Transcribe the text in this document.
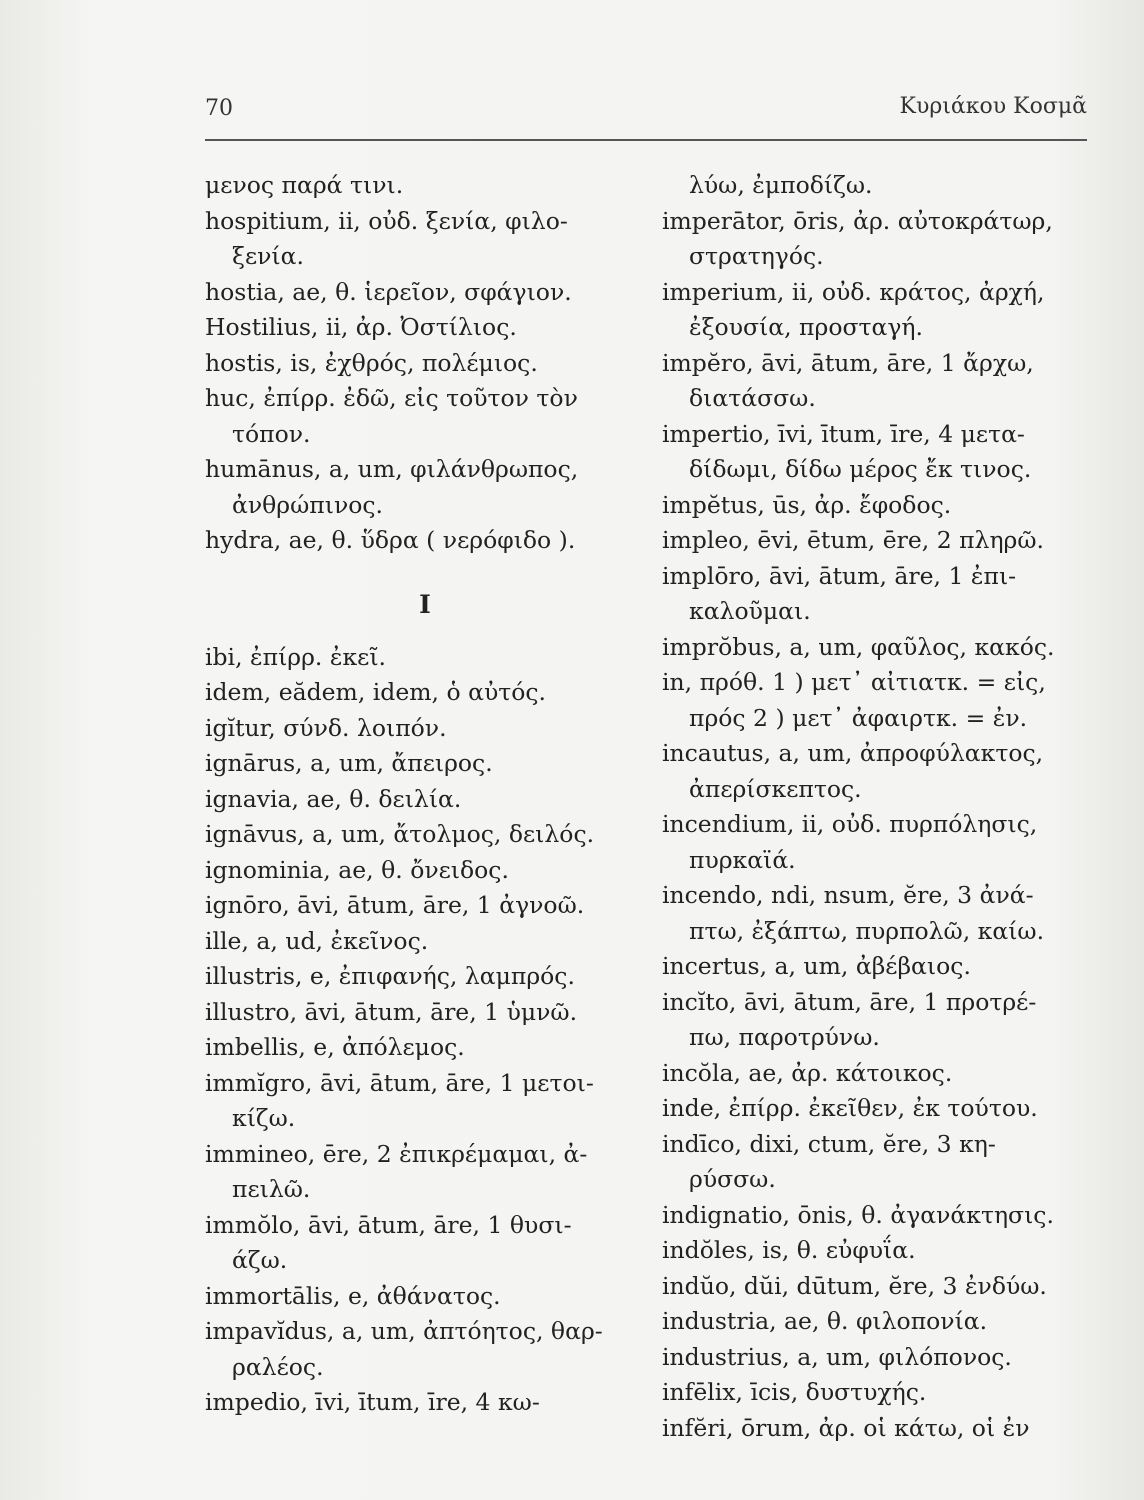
70	Κυριάκου Κοσμᾶ
μενος παρά τινι.
hospitium, ii, οὐδ. ξενία, φιλο-
ξενία.
hostia, ae, θ. ἱερεῖον, σφάγιον.
Hostilius, ii, ἀρ. Ὀστίλιος.
hostis, is, ἐχθρός, πολέμιος.
huc, ἐπίρρ. ἐδῶ, εἰς τοῦτον τὸν
τόπον.
humānus, a, um, φιλάνθρωπος,
ἀνθρώπινος.
hydra, ae, θ. ὕδρα ( νερόφιδο ).
I
ibi, ἐπίρρ. ἐκεῖ.
idem, eădem, idem, ὁ αὐτός.
igĭtur, σύνδ. λοιπόν.
ignārus, a, um, ἄπειρος.
ignavia, ae, θ. δειλία.
ignāvus, a, um, ἄτολμος, δειλός.
ignominia, ae, θ. ὄνειδος.
ignōro, āvi, ātum, āre, 1 ἀγνοῶ.
ille, a, ud, ἐκεῖνος.
illustris, e, ἐπιφανής, λαμπρός.
illustro, āvi, ātum, āre, 1 ὑμνῶ.
imbellis, e, ἀπόλεμος.
immĭgro, āvi, ātum, āre, 1 μετοι-
κίζω.
immineo, ēre, 2 ἐπικρέμαμαι, ἀ-
πειλῶ.
immŏlo, āvi, ātum, āre, 1 θυσι-
άζω.
immortālis, e, ἀθάνατος.
impavĭdus, a, um, ἀπτόητος, θαρ-
ραλέος.
impedio, īvi, ītum, īre, 4 κω-
λύω, ἐμποδίζω.
imperātor, ōris, ἀρ. αὐτοκράτωρ,
στρατηγός.
imperium, ii, οὐδ. κράτος, ἀρχή,
ἐξουσία, προσταγή.
impĕro, āvi, ātum, āre, 1 ἄρχω,
διατάσσω.
impertio, īvi, ītum, īre, 4 μετα-
δίδωμι, δίδω μέρος ἔκ τινος.
impĕtus, ūs, ἀρ. ἔφοδος.
impleo, ēvi, ētum, ēre, 2 πληρῶ.
implōro, āvi, ātum, āre, 1 ἐπι-
καλοῦμαι.
imprŏbus, a, um, φαῦλος, κακός.
in, πρόθ. 1 ) μετ᾽ αἰτιατκ. = εἰς,
πρός 2 ) μετ᾽ ἀφαιρτκ. = ἐν.
incautus, a, um, ἀπροφύλακτος,
ἀπερίσκεπτος.
incendium, ii, οὐδ. πυρπόλησις,
πυρκαϊά.
incendo, ndi, nsum, ĕre, 3 ἀνά-
πτω, ἐξάπτω, πυρπολῶ, καίω.
incertus, a, um, ἀβέβαιος.
incĭto, āvi, ātum, āre, 1 προτρέ-
πω, παροτρύνω.
incŏla, ae, ἀρ. κάτοικος.
inde, ἐπίρρ. ἐκεῖθεν, ἐκ τούτου.
indīco, dixi, ctum, ĕre, 3 κη-
ρύσσω.
indignatio, ōnis, θ. ἀγανάκτησις.
indŏles, is, θ. εὐφυΐα.
indŭo, dŭi, dūtum, ĕre, 3 ἐνδύω.
industria, ae, θ. φιλοπονία.
industrius, a, um, φιλόπονος.
infēlix, īcis, δυστυχής.
infĕri, ōrum, ἀρ. οἱ κάτω, οἱ ἐν
